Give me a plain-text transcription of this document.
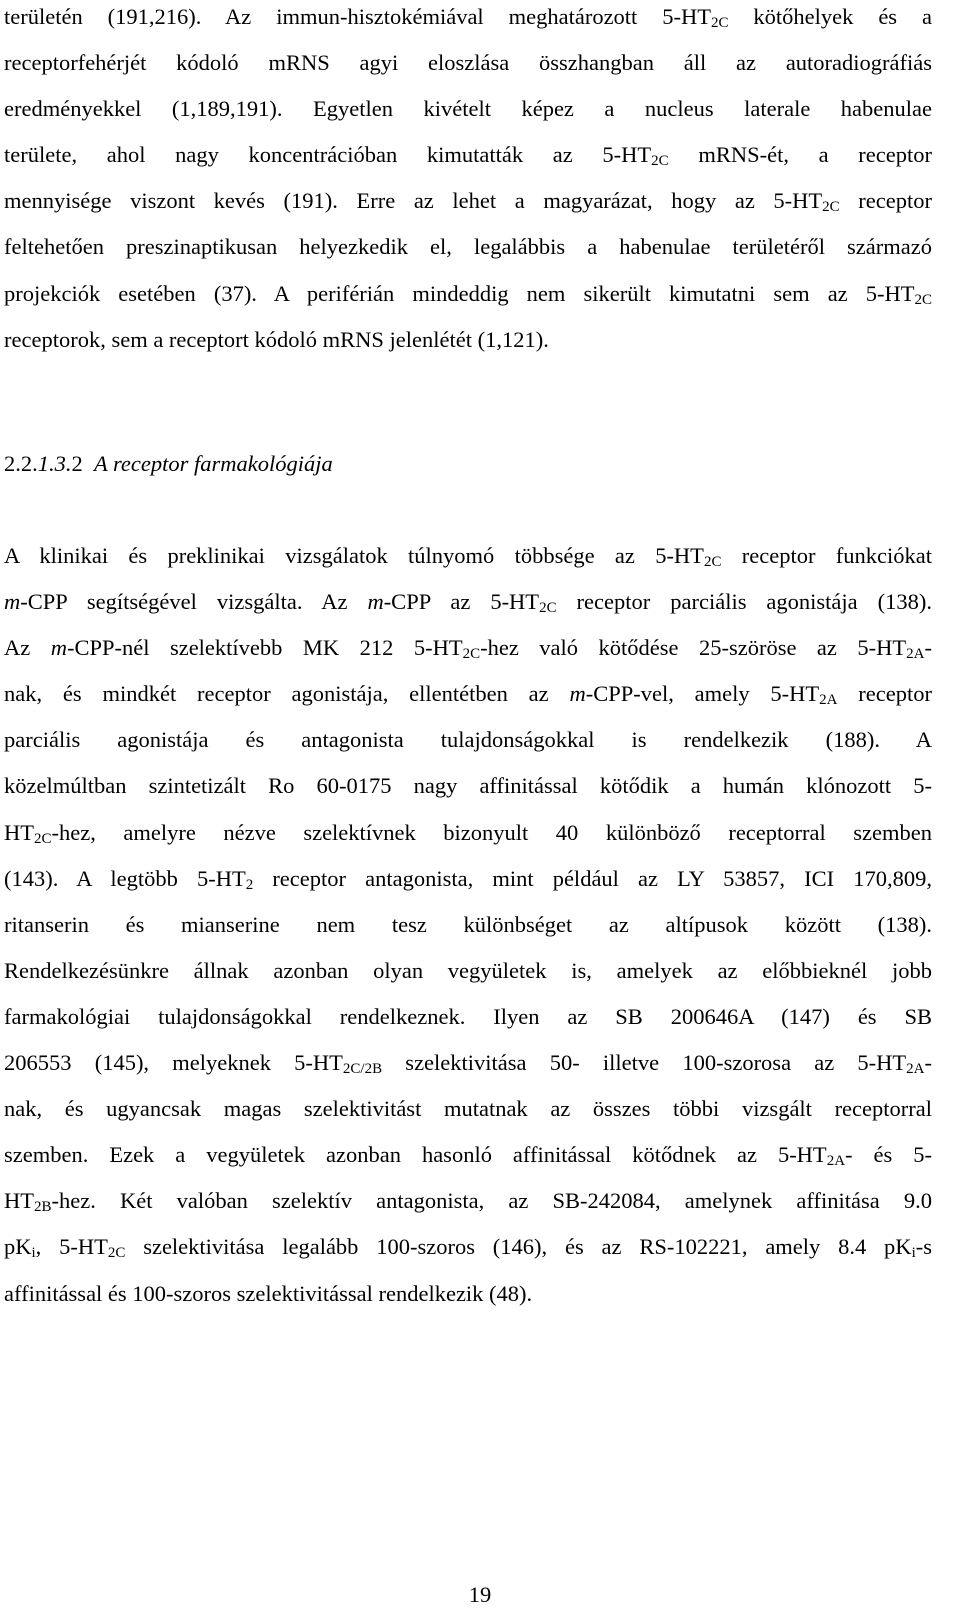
területén (191,216). Az immun-hisztokémiával meghatározott $5-HT_{2C}$ kötőhelyek és a
receptorfehérjét kódoló mRNS agyi eloszlása összhangban áll az autoradiográfiás
eredményekkel (1,189,191). Egyetlen kivételt képez a nucleus laterale habenulae
területe, ahol nagy koncentrációban kimutatták az $5-HT_{2C}$ mRNS-ét, a receptor
mennyisége viszont kevés (191). Erre az lehet a magyarázat, hogy az $5-HT_{2C}$ receptor
feltehetően preszinaptikusan helyezkedik el, legalábbis a habenulae területéről származó
projekciók esetében (37). A periférián mindeddig nem sikerült kimutatni sem az $5-HT_{2C}$
receptorok, sem a receptort kódoló mRNS jelenlétét (1,121).
2.2.1.3.2 A receptor farmakológiája
A klinikai és preklinikai vizsgálatok túlnyomó többsége az $5-HT_{2C}$ receptor funkciókat
m-CPP segítségével vizsgálta. Az m-CPP az $5-HT_{2C}$ receptor parciális agonistája (138).
Az m-CPP-nél szelektívebb MK 212 $5-HT_{2C}$-hez való kötődése 25-szöröse az $5-HT_{2A}-$
nak, és mindkét receptor agonistája, ellentétben az m-CPP-vel, amely $5-HT_{2A}$ receptor
parciális agonistája és antagonista tulajdonságokkal is rendelkezik (188). A
közelmúltban szintetizált Ro 60-0175 nagy affinitással kötődik a humán klónozott 5-
$HT_{2C}$-hez, amelyre nézve szelektívnek bizonyult 40 különböző receptorral szemben
(143). A legtöbb $5-HT_2$ receptor antagonista, mint például az LY 53857, ICI 170,809,
ritanserin és mianserine nem tesz különbséget az altípusok között (138).
Rendelkezésünkre állnak azonban olyan vegyületek is, amelyek az előbbieknél jobb
farmakológiai tulajdonságokkal rendelkeznek. Ilyen az SB 200646A (147) és SB
206553 (145), melyeknek $5-HT_{2C/2B}$ szelektivitása 50- illetve 100-szorosa az $5-HT_{2A}-$
nak, és ugyancsak magas szelektivitást mutatnak az összes többi vizsgált receptorral
szemben. Ezek a vegyületek azonban hasonló affinitással kötődnek az $5-HT_{2A}-$ és 5-
$HT_{2B}$-hez. Két valóban szelektív antagonista, az SB-242084, amelynek affinitása 9.0
$pK_i$, $5-HT_{2C}$ szelektivitása legalább 100-szoros (146), és az RS-102221, amely 8.4 $pK_i-s$
affinitással és 100-szoros szelektivitással rendelkezik (48).
19
